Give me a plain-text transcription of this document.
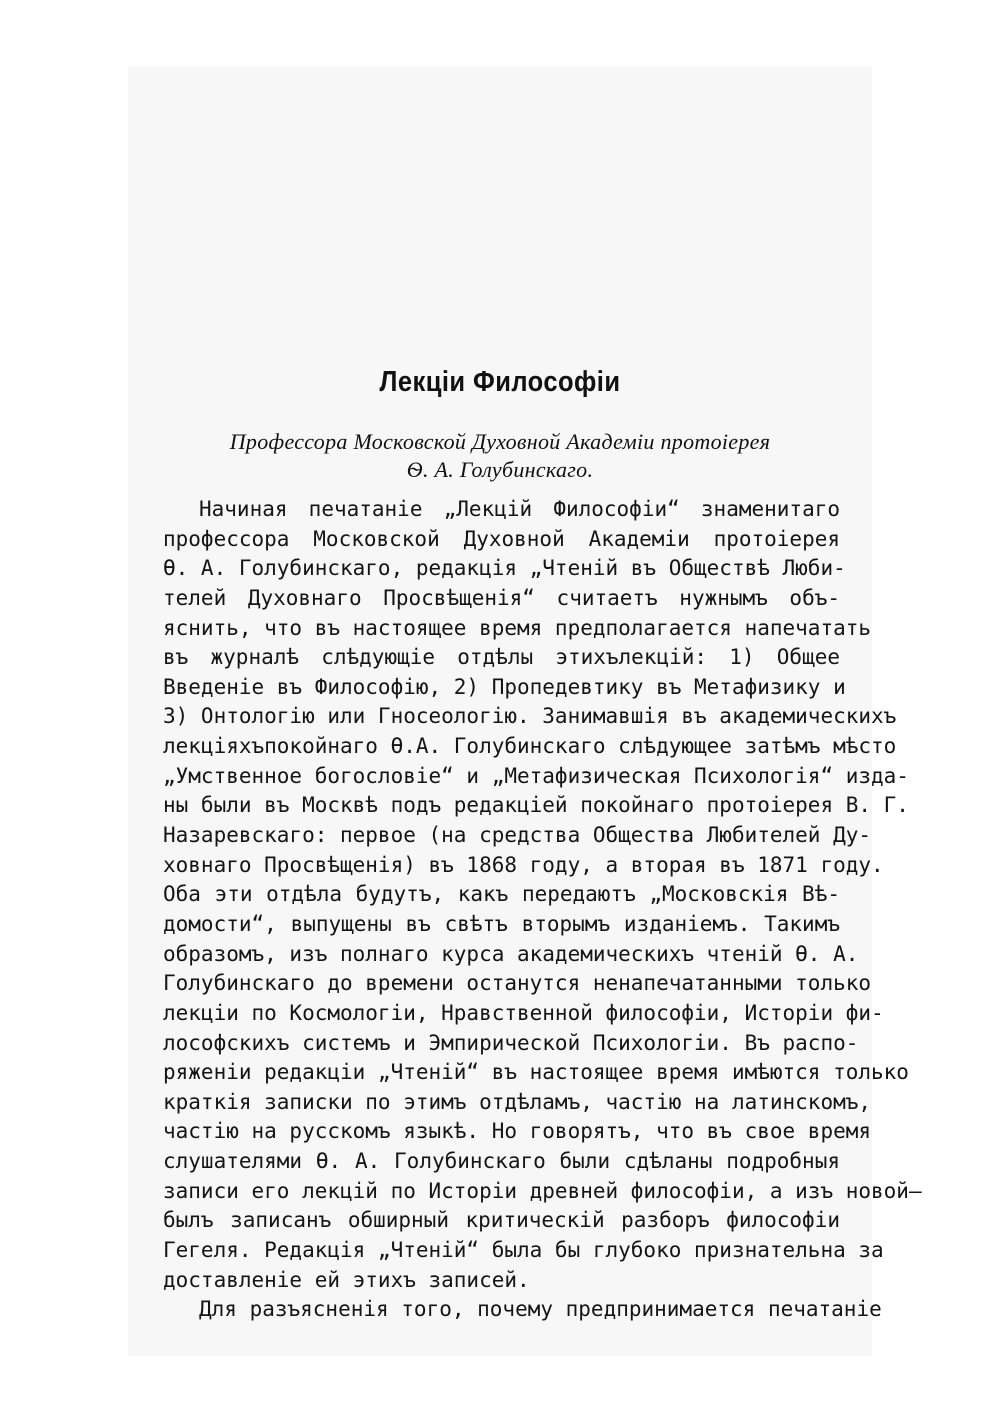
Лекціи Философіи
Профессора Московской Духовной Академіи протоіерея
Ѳ. А. Голубинскаго.
Начиная печатаніе „Лекцій Философіи“ знаменитаго
профессора Московской Духовной Академіи протоіерея
Ѳ. А. Голубинскаго, редакція „Чтеній въ Обществѣ Люби-
телей Духовнаго Просвѣщенія“ считаетъ нужнымъ объ-
яснить, что въ настоящее время предполагается напечатать
въ журналѣ слѣдующіе отдѣлы этихълекцій: 1) Общее
Введеніе въ Философію, 2) Пропедевтику въ Метафизику и
3) Онтологію или Гносеологію. Занимавшія въ академическихъ
лекціяхъпокойнаго Ѳ.А. Голубинскаго слѣдующее затѣмъ мѣсто
„Умственное богословіе“ и „Метафизическая Психологія“ изда-
ны были въ Москвѣ подъ редакціей покойнаго протоіерея В. Г.
Назаревскаго: первое (на средства Общества Любителей Ду-
ховнаго Просвѣщенія) въ 1868 году, а вторая въ 1871 году.
Оба эти отдѣла будутъ, какъ передаютъ „Московскія Вѣ-
домости“, выпущены въ свѣтъ вторымъ изданіемъ. Такимъ
образомъ, изъ полнаго курса академическихъ чтеній Ѳ. А.
Голубинскаго до времени останутся ненапечатанными только
лекціи по Космологіи, Нравственной философіи, Исторіи фи-
лософскихъ системъ и Эмпирической Психологіи. Въ распо-
ряженіи редакціи „Чтеній“ въ настоящее время имѣются только
краткія записки по этимъ отдѣламъ, частію на латинскомъ,
частію на русскомъ языкѣ. Но говорятъ, что въ свое время
слушателями Ѳ. А. Голубинскаго были сдѣланы подробныя
записи его лекцій по Исторіи древней философіи, а изъ новой—
былъ записанъ обширный критическій разборъ философіи
Гегеля. Редакція „Чтеній“ была бы глубоко признательна за
доставленіе ей этихъ записей.
Для разъясненія того, почему предпринимается печатаніе
